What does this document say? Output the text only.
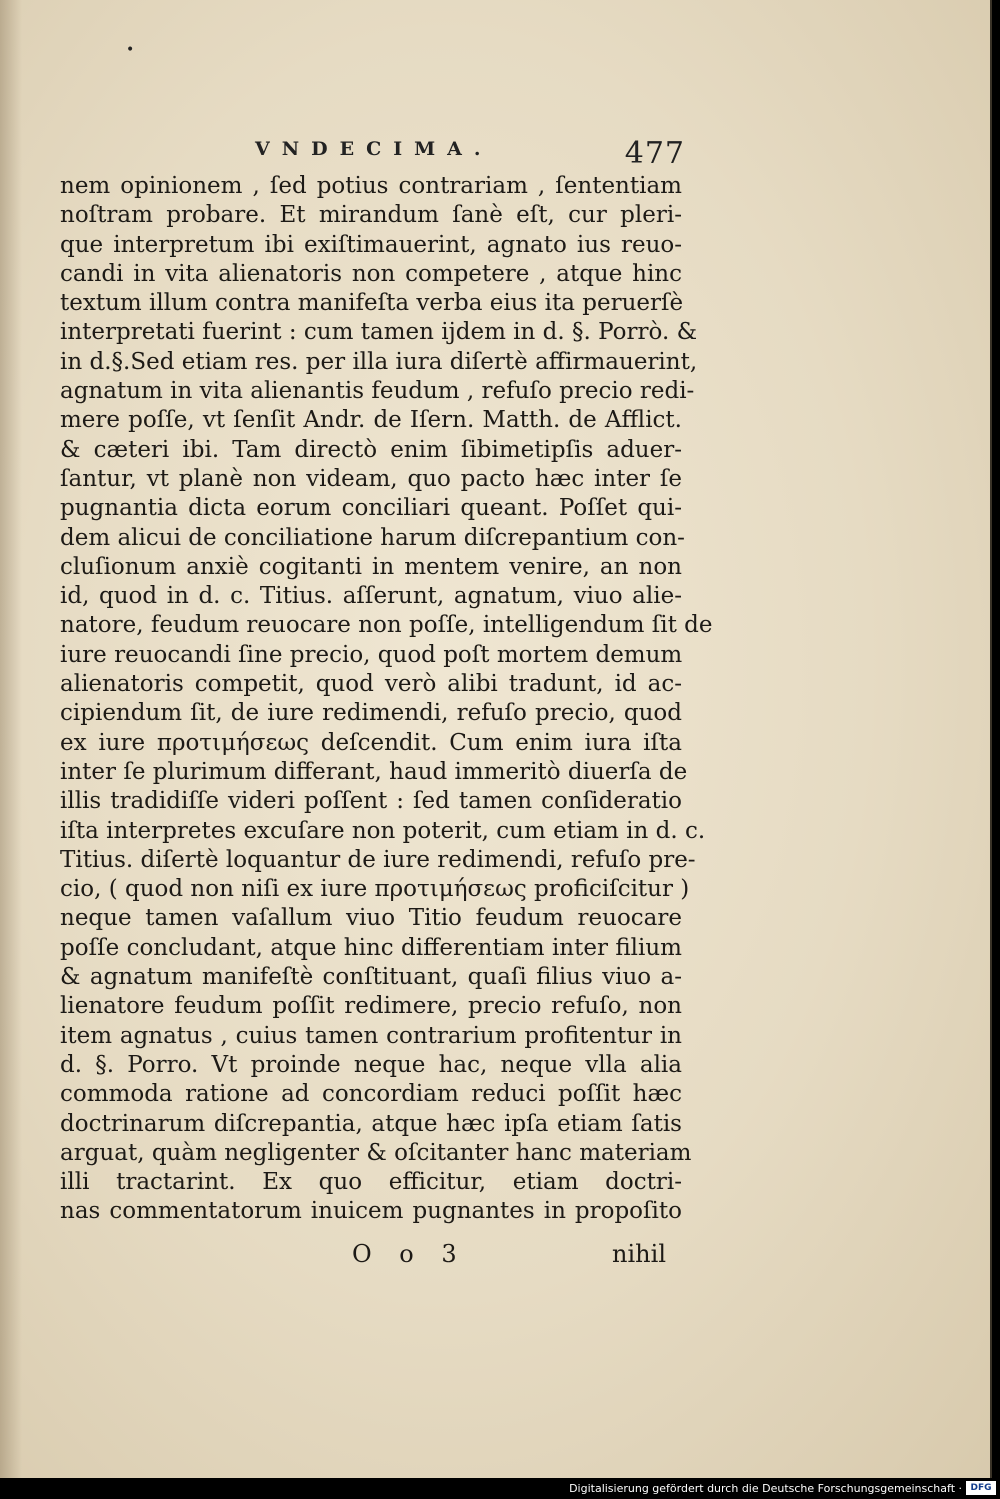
•
VNDECIMA.	477
nem opinionem , ſed potius contrariam , ſententiam
noſtram probare. Et mirandum ſanè eſt, cur pleri-
que interpretum ibi exiſtimauerint, agnato ius reuo-
candi in vita alienatoris non competere , atque hinc
textum illum contra manifeſta verba eius ita peruerſè
interpretati fuerint : cum tamen ijdem in d. §. Porrò. &
in d.§.Sed etiam res. per illa iura diſertè affirmauerint,
agnatum in vita alienantis feudum , refuſo precio redi-
mere poſſe, vt ſenſit Andr. de Iſern. Matth. de Afflict.
& cæteri ibi. Tam directò enim ſibimetipſis aduer-
ſantur, vt planè non videam, quo pacto hæc inter ſe
pugnantia dicta eorum conciliari queant. Poſſet qui-
dem alicui de conciliatione harum diſcrepantium con-
cluſionum anxiè cogitanti in mentem venire, an non
id, quod in d. c. Titius. aſſerunt, agnatum, viuo alie-
natore, feudum reuocare non poſſe, intelligendum ſit de
iure reuocandi ſine precio, quod poſt mortem demum
alienatoris competit, quod verò alibi tradunt, id ac-
cipiendum ſit, de iure redimendi, refuſo precio, quod
ex iure προτιμήσεως deſcendit. Cum enim iura iſta
inter ſe plurimum differant, haud immeritò diuerſa de
illis tradidiſſe videri poſſent : ſed tamen conſideratio
iſta interpretes excuſare non poterit, cum etiam in d. c.
Titius. diſertè loquantur de iure redimendi, refuſo pre-
cio, ( quod non niſi ex iure προτιμήσεως proficiſcitur )
neque tamen vaſallum viuo Titio feudum reuocare
poſſe concludant, atque hinc differentiam inter filium
& agnatum manifeſtè conſtituant, quaſi filius viuo a-
lienatore feudum poſſit redimere, precio refuſo, non
item agnatus , cuius tamen contrarium profitentur in
d. §. Porro. Vt proinde neque hac, neque vlla alia
commoda ratione ad concordiam reduci poſſit hæc
doctrinarum diſcrepantia, atque hæc ipſa etiam ſatis
arguat, quàm negligenter & oſcitanter hanc materiam
illi tractarint. Ex quo efficitur, etiam doctri-
nas commentatorum inuicem pugnantes in propoſito
O o 3	nihil
Digitalisierung gefördert durch die Deutsche Forschungsgemeinschaft · DFG
